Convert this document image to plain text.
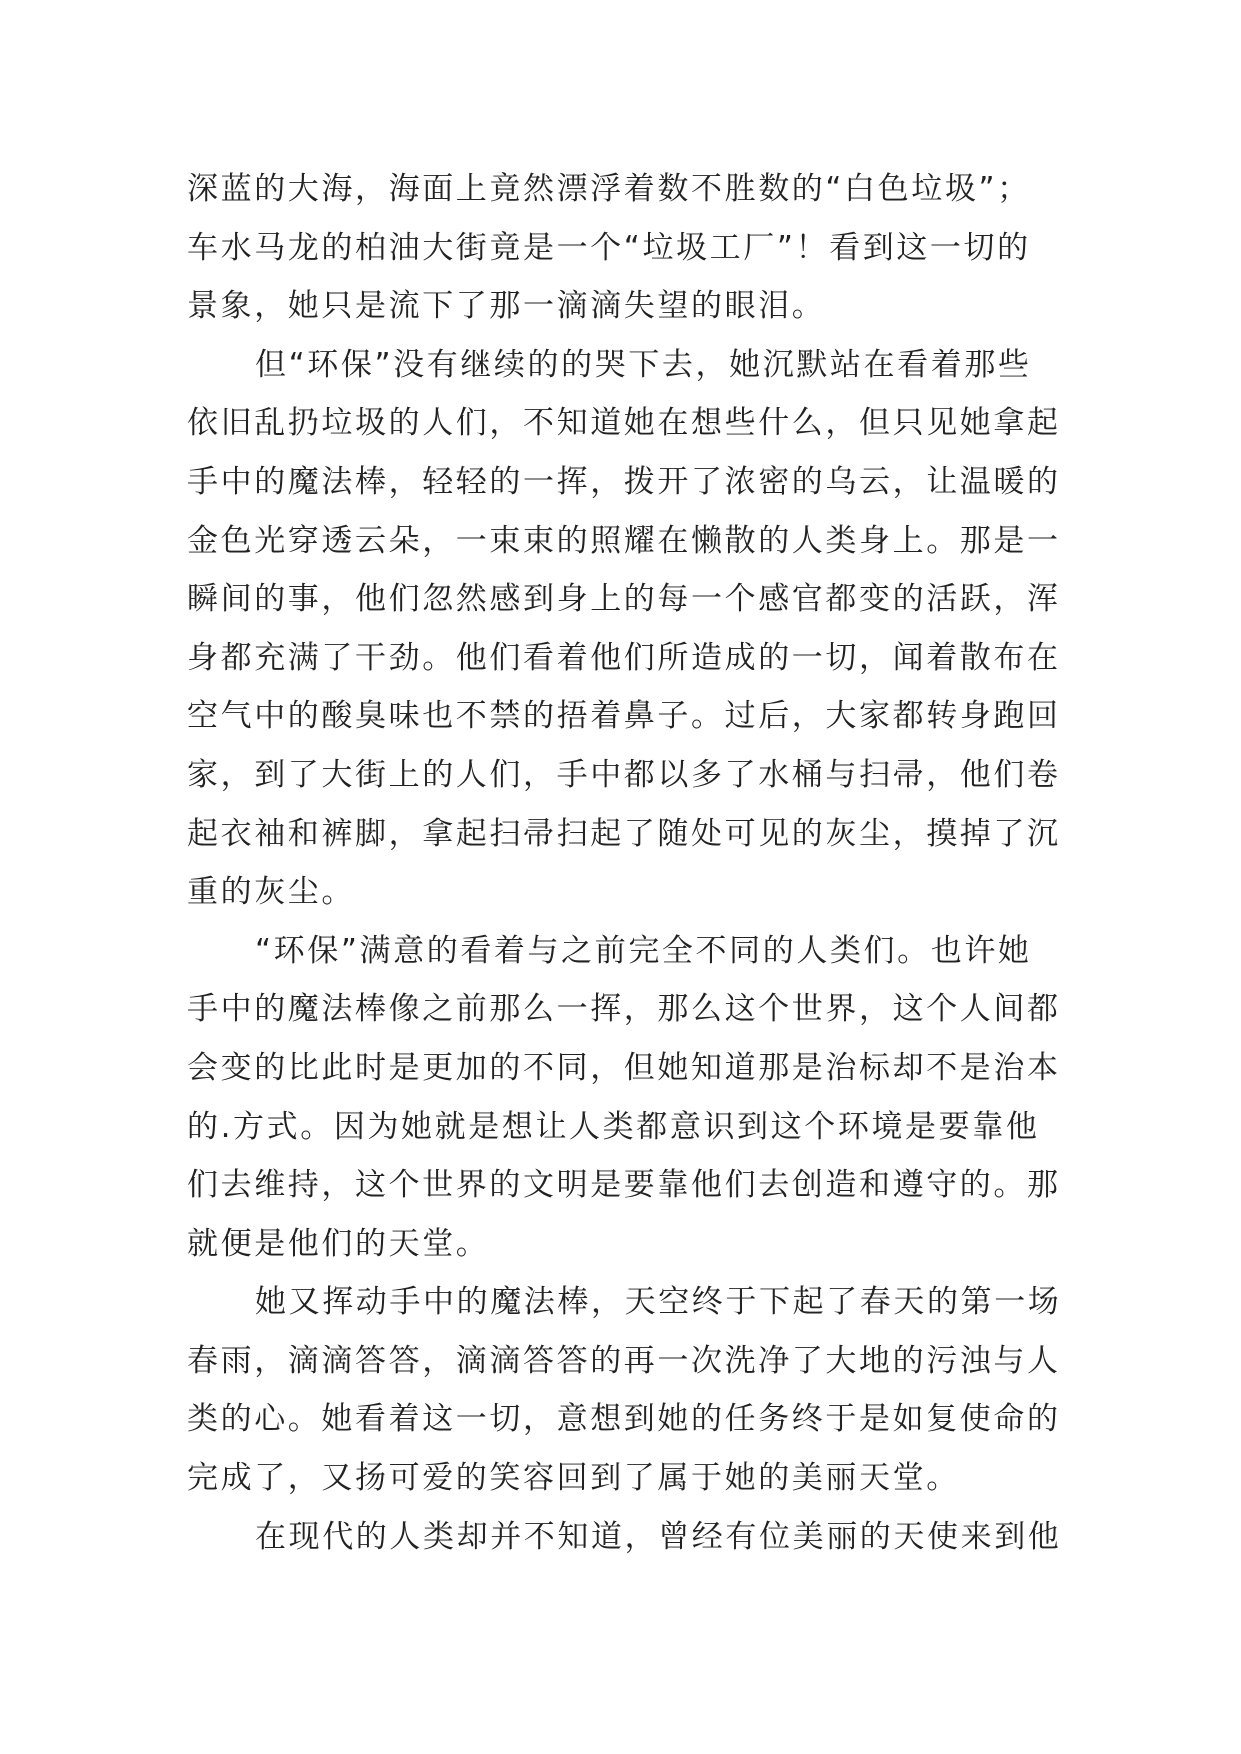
深蓝的大海，海面上竟然漂浮着数不胜数的“白色垃圾”；
车水马龙的柏油大街竟是一个“垃圾工厂”！看到这一切的
景象，她只是流下了那一滴滴失望的眼泪。
但“环保”没有继续的的哭下去，她沉默站在看着那些
依旧乱扔垃圾的人们，不知道她在想些什么，但只见她拿起
手中的魔法棒，轻轻的一挥，拨开了浓密的乌云，让温暖的
金色光穿透云朵，一束束的照耀在懒散的人类身上。那是一
瞬间的事，他们忽然感到身上的每一个感官都变的活跃，浑
身都充满了干劲。他们看着他们所造成的一切，闻着散布在
空气中的酸臭味也不禁的捂着鼻子。过后，大家都转身跑回
家，到了大街上的人们，手中都以多了水桶与扫帚，他们卷
起衣袖和裤脚，拿起扫帚扫起了随处可见的灰尘，摸掉了沉
重的灰尘。
“环保”满意的看着与之前完全不同的人类们。也许她
手中的魔法棒像之前那么一挥，那么这个世界，这个人间都
会变的比此时是更加的不同，但她知道那是治标却不是治本
的.方式。因为她就是想让人类都意识到这个环境是要靠他
们去维持，这个世界的文明是要靠他们去创造和遵守的。那
就便是他们的天堂。
她又挥动手中的魔法棒，天空终于下起了春天的第一场
春雨，滴滴答答，滴滴答答的再一次洗净了大地的污浊与人
类的心。她看着这一切，意想到她的任务终于是如复使命的
完成了，又扬可爱的笑容回到了属于她的美丽天堂。
在现代的人类却并不知道，曾经有位美丽的天使来到他
